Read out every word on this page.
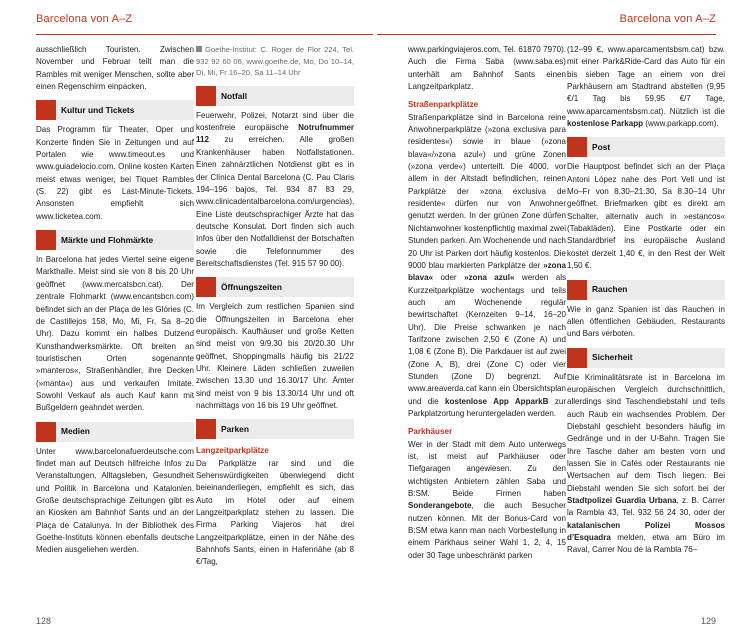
Barcelona von A–Z

ausschließlich Touristen. Zwischen November und Februar teilt man die Rambles mit weniger Menschen, sollte aber einen Regenschirm einpacken.

Kultur und Tickets

Das Programm für Theater, Oper und Konzerte finden Sie in Zeitungen und auf Portalen wie www.timeout.es und www.guiadelocio.com. Online kosten Karten meist etwas weniger, bei Tiquet Rambles (S. 22) gibt es Last-Minute-Tickets. Ansonsten empfiehlt sich www.ticketea.com.

Märkte und Flohmärkte

In Barcelona hat jedes Viertel seine eigene Markthalle. Meist sind sie von 8 bis 20 Uhr geöffnet (www.mercatsbcn.cat). Der zentrale Flohmarkt (www.encantsbcn.com) befindet sich an der Plaça de les Glòries (C. de Castillejos 158, Mo, Mi, Fr, Sa 8–20 Uhr). Dazu kommt ein halbes Dutzend Kunsthandwerksmärkte. Oft breiten an touristischen Orten sogenannte »manteros«, Straßenhändler, ihre Decken (»manta«) aus und verkaufen Imitate. Sowohl Verkauf als auch Kauf kann mit Bußgeldern geahndet werden.

Medien

Unter www.barcelonafuerdeutsche.com findet man auf Deutsch hilfreiche Infos zu Veranstaltungen, Alltagsleben, Gesundheit und Politik in Barcelona und Katalonien. Große deutschsprachige Zeitungen gibt es an Kiosken am Bahnhof Sants und an der Plaça de Catalunya. In der Bibliothek des Goethe-Instituts können ebenfalls deutsche Medien ausgeliehen werden.

Goethe-Institut: C. Roger de Flor 224, Tel. 932 92 60 06, www.goethe.de, Mo, Do 10–14, Di, Mi, Fr 16–20, Sa 11–14 Uhr

Notfall

Feuerwehr, Polizei, Notarzt sind über die kostenfreie europäische Notrufnummer 112 zu erreichen. Alle großen Krankenhäuser haben Notfallstationen. Einen zahnärztlichen Notdienst gibt es in der Clínica Dental Barcelona (C. Pau Claris 194–196 bajos, Tel. 934 87 83 29, www.clinicadentalbarcelona.com/urgencias). Eine Liste deutschsprachiger Ärzte hat das deutsche Konsulat. Dort finden sich auch Infos über den Notfalldienst der Botschaften sowie die Telefonnummer des Bereitschaftsdienstes (Tel. 915 57 90 00).

Öffnungszeiten

Im Vergleich zum restlichen Spanien sind die Öffnungszeiten in Barcelona eher europäisch. Kaufhäuser und große Ketten sind meist von 9/9.30 bis 20/20.30 Uhr geöffnet, Shoppingmalls häufig bis 21/22 Uhr. Kleinere Läden schließen zuweilen zwischen 13.30 und 16.30/17 Uhr. Ämter sind meist von 9 bis 13.30/14 Uhr und oft nachmittags von 16 bis 19 Uhr geöffnet.

Parken
Langzeitparkplätze

Da Parkplätze rar sind und die Sehenswürdigkeiten überwiegend dicht beieinanderliegen, empfiehlt es sich, das Auto im Hotel oder auf einem Langzeitparkplatz stehen zu lassen. Die Firma Parking Viajeros hat drei Langzeitparkplätze, einen in der Nähe des Bahnhofs Sants, einen in Hafennähe (ab 8 €/Tag,

128
Barcelona von A–Z

www.parkingviajeros.com, Tel. 61870 7970). Auch die Firma Saba (www.saba.es) unterhält am Bahnhof Sants einen Langzeitparkplatz.

Straßenparkplätze

Straßenparkplätze sind in Barcelona reine Anwohnerparkplätze (»zona exclusiva para residentes«) sowie in blaue (»zona blava«/»zona azul«) und grüne Zonen (»zona verde«) unterteilt. Die 4000, vor allem in der Altstadt befindlichen, reinen Parkplätze der »zona exclusiva de residente« dürfen nur von Anwohner genutzt werden. In der grünen Zone dürfen Nichtanwohner kostenpflichtig maximal zwei Stunden parken. Am Wochenende und nach 20 Uhr ist Parken dort häufig kostenlos. Die 9000 blau markierten Parkplätze der »zona blava« oder »zona azul« werden als Kurzzeitparkplätze wochentags und teils auch am Wochenende regulär bewirtschaftet (Kernzeiten 9–14, 16–20 Uhr). Die Preise schwanken je nach Tarifzone zwischen 2,50 € (Zone A) und 1,08 € (Zone B). Die Parkdauer ist auf zwei (Zone A, B), drei (Zone C) oder vier Stunden (Zone D) begrenzt. Auf www.areaverda.cat kann ein Übersichtsplan und die kostenlose App ApparkB zur Parkplatzortung heruntergeladen werden.

Parkhäuser

Wer in der Stadt mit dem Auto unterwegs ist, ist meist auf Parkhäuser oder Tiefgaragen angewiesen. Zu den wichtigsten Anbietern zählen Saba und B:SM. Beide Firmen haben Sonderangebote, die auch Besucher nutzen können. Mit der Bonus-Card von B:SM etwa kann man nach Vorbestellung in einem Parkhaus seiner Wahl 1, 2, 4, 15 oder 30 Tage unbeschränkt parken

(12–99 €, www.aparcamentsbsm.cat) bzw. mit einer Park&Ride-Card das Auto für ein bis sieben Tage an einem von drei Parkhäusern am Stadtrand abstellen (9,95 €/1 Tag bis 59,95 €/7 Tage, www.aparcamentsbsm.cat). Nützlich ist die kostenlose Parkapp (www.parkapp.com).

Post

Die Hauptpost befindet sich an der Plaça Antoni López nahe des Port Vell und ist Mo–Fr von 8.30–21.30, Sa 8.30–14 Uhr geöffnet. Briefmarken gibt es direkt am Schalter, alternativ auch in »estancos« (Tabakläden). Eine Postkarte oder ein Standardbrief ins europäische Ausland kostet derzeit 1,40 €, in den Rest der Welt 1,50 €.

Rauchen

Wie in ganz Spanien ist das Rauchen in allen öffentlichen Gebäuden, Restaurants und Bars verboten.

Sicherheit

Die Kriminalitätsrate ist in Barcelona im europäischen Vergleich durchschnittlich, allerdings sind Taschendiebstahl und teils auch Raub ein wachsendes Problem. Der Diebstahl geschieht besonders häufig im Gedränge und in der U-Bahn. Tragen Sie Ihre Tasche daher am besten vorn und lassen Sie in Cafés oder Restaurants nie Wertsachen auf dem Tisch liegen. Bei Diebstahl wenden Sie sich sofort bei der Stadtpolizei Guardia Urbana, z. B. Carrer la Rambla 43, Tel. 932 56 24 30, oder der katalanischen Polizei Mossos d’Esquadra melden, etwa am Büro im Raval, Carrer Nou de la Rambla 76–

129
